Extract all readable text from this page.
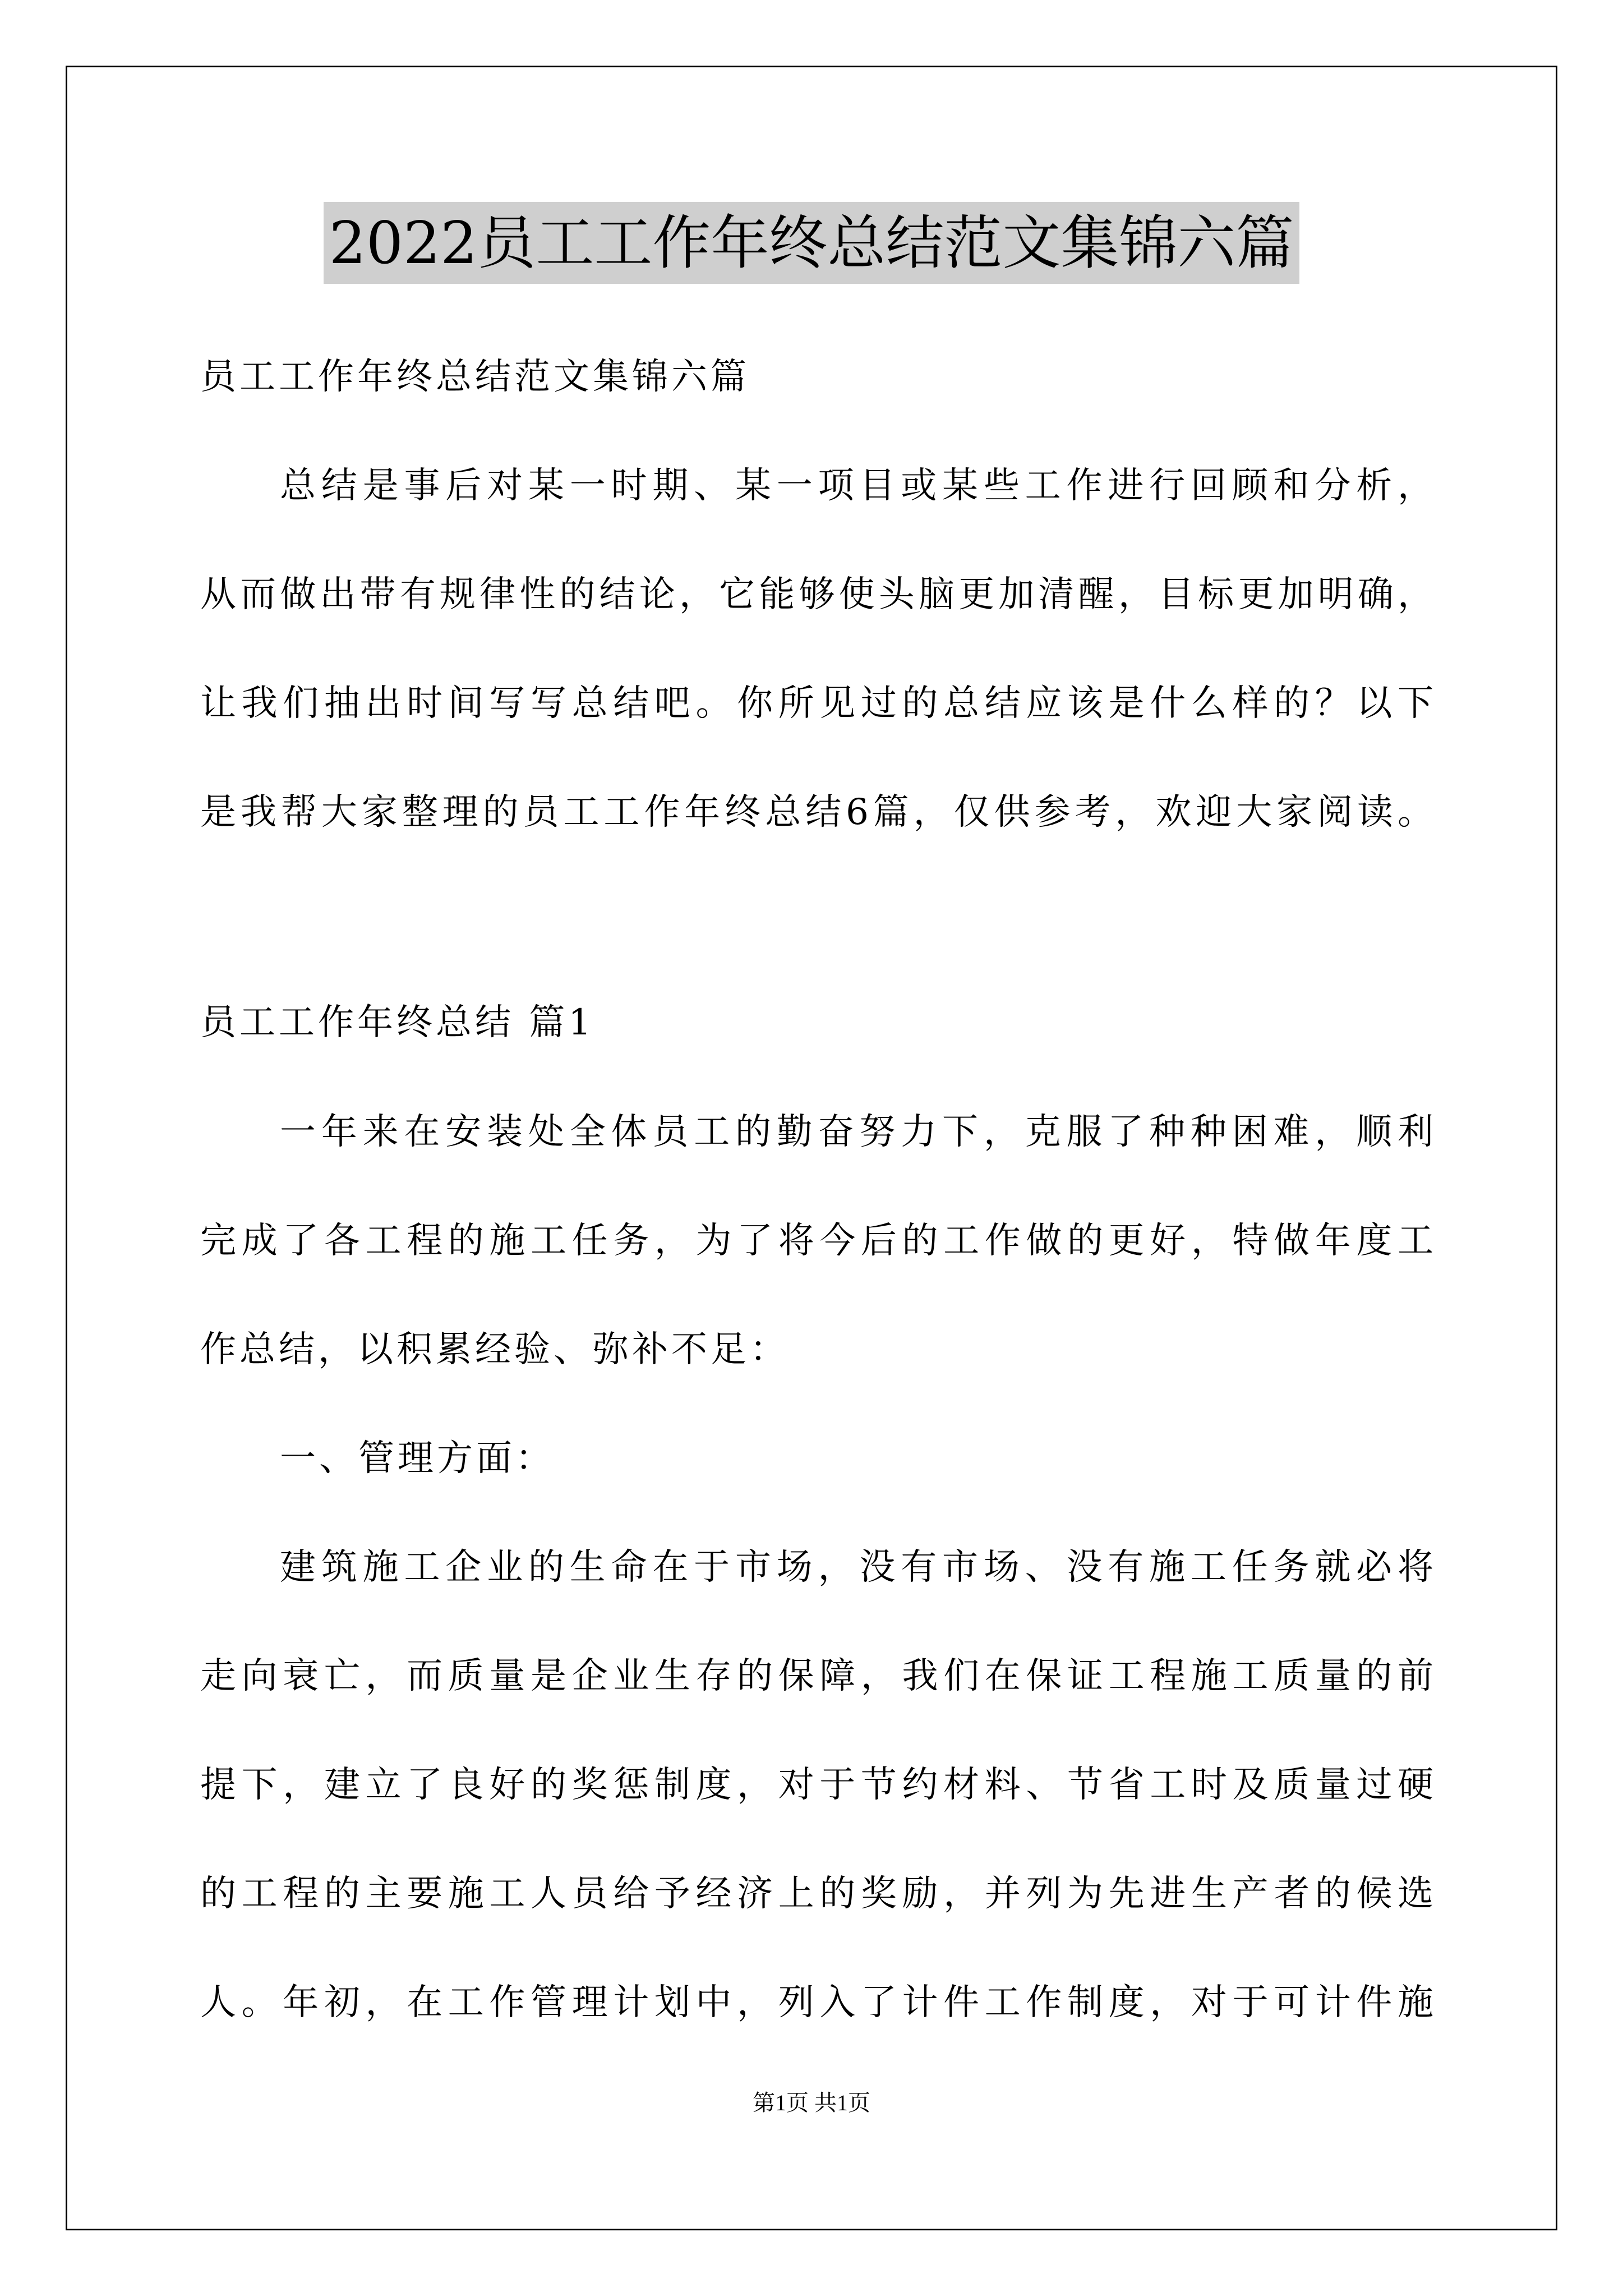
2022员工工作年终总结范文集锦六篇
员工工作年终总结范文集锦六篇
总结是事后对某一时期、某一项目或某些工作进行回顾和分析，
从而做出带有规律性的结论，它能够使头脑更加清醒，目标更加明确，
让我们抽出时间写写总结吧。你所见过的总结应该是什么样的？以下
是我帮大家整理的员工工作年终总结6篇，仅供参考，欢迎大家阅读。
员工工作年终总结 篇1
一年来在安装处全体员工的勤奋努力下，克服了种种困难，顺利
完成了各工程的施工任务，为了将今后的工作做的更好，特做年度工
作总结，以积累经验、弥补不足：
一、管理方面：
建筑施工企业的生命在于市场，没有市场、没有施工任务就必将
走向衰亡，而质量是企业生存的保障，我们在保证工程施工质量的前
提下，建立了良好的奖惩制度，对于节约材料、节省工时及质量过硬
的工程的主要施工人员给予经济上的奖励，并列为先进生产者的候选
人。年初，在工作管理计划中，列入了计件工作制度，对于可计件施
第1页 共1页
